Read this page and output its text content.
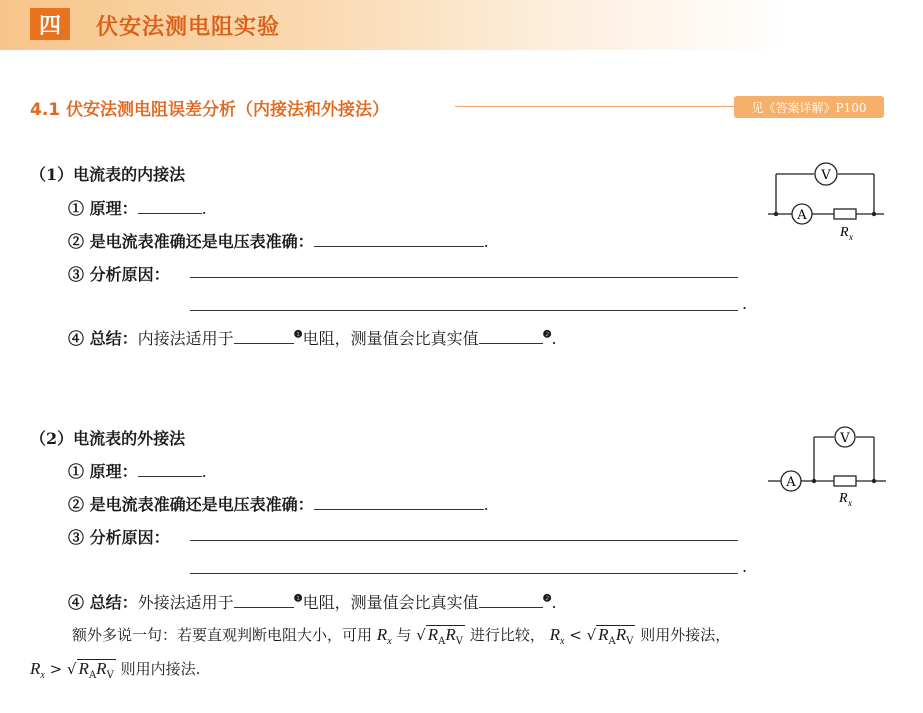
四	伏安法测电阻实验
4.1 伏安法测电阻误差分析（内接法和外接法）	见《答案详解》P100
（1）电流表的内接法
① 原理：	.
② 是电流表准确还是电压表准确：	.
③ 分析原因：
.
④ 总结：内接法适用于	$^❶$电阻，测量值会比真实值	$^❷$.
V
A
R x
（2）电流表的外接法
① 原理：	.
② 是电流表准确还是电压表准确：	.
③ 分析原因：
.
④ 总结：外接法适用于	$^❶$电阻，测量值会比真实值	$^❷$.
V
A
R x
额外多说一句：若要直观判断电阻大小，可用 $R_x$ 与 √ $R_AR_V$ 进行比较， $R_x$ < √ $R_AR_V$ 则用外接法，
$R_x$ > √ $R_AR_V$ 则用内接法.
